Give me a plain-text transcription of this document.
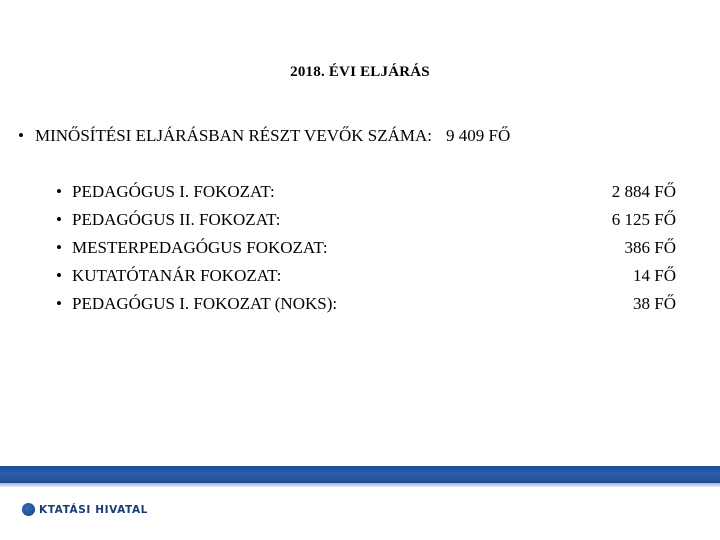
2018. ÉVI ELJÁRÁS
• MINŐSÍTÉSI ELJÁRÁSBAN RÉSZT VEVŐK SZÁMA: 9 409 FŐ
• PEDAGÓGUS I. FOKOZAT:	2 884 FŐ
• PEDAGÓGUS II. FOKOZAT:	6 125 FŐ
• MESTERPEDAGÓGUS FOKOZAT:	386 FŐ
• KUTATÓTANÁR FOKOZAT:	14 FŐ
• PEDAGÓGUS I. FOKOZAT (NOKS):	38 FŐ
KTATÁSI HIVATAL
